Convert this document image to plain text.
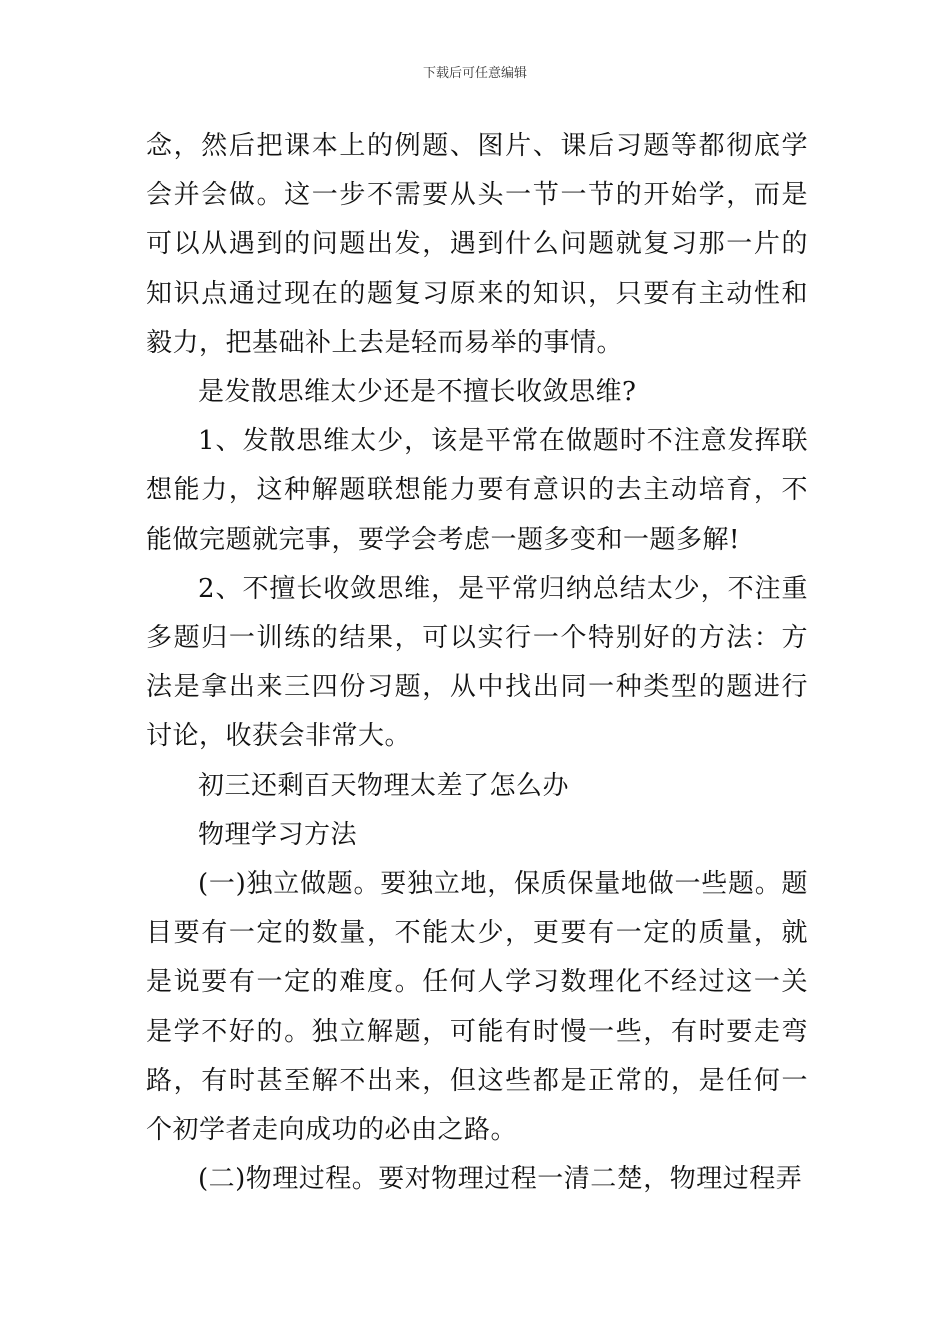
下载后可任意编辑

念，然后把课本上的例题、图片、课后习题等都彻底学会并会做。这一步不需要从头一节一节的开始学，而是可以从遇到的问题出发，遇到什么问题就复习那一片的知识点通过现在的题复习原来的知识，只要有主动性和毅力，把基础补上去是轻而易举的事情。

是发散思维太少还是不擅长收敛思维?

1、发散思维太少，该是平常在做题时不注意发挥联想能力，这种解题联想能力要有意识的去主动培育，不能做完题就完事，要学会考虑一题多变和一题多解!

2、不擅长收敛思维，是平常归纳总结太少，不注重多题归一训练的结果，可以实行一个特别好的方法：方法是拿出来三四份习题，从中找出同一种类型的题进行讨论，收获会非常大。

初三还剩百天物理太差了怎么办

物理学习方法

(一)独立做题。要独立地，保质保量地做一些题。题目要有一定的数量，不能太少，更要有一定的质量，就是说要有一定的难度。任何人学习数理化不经过这一关是学不好的。独立解题，可能有时慢一些，有时要走弯路，有时甚至解不出来，但这些都是正常的，是任何一个初学者走向成功的必由之路。

(二)物理过程。要对物理过程一清二楚，物理过程弄
